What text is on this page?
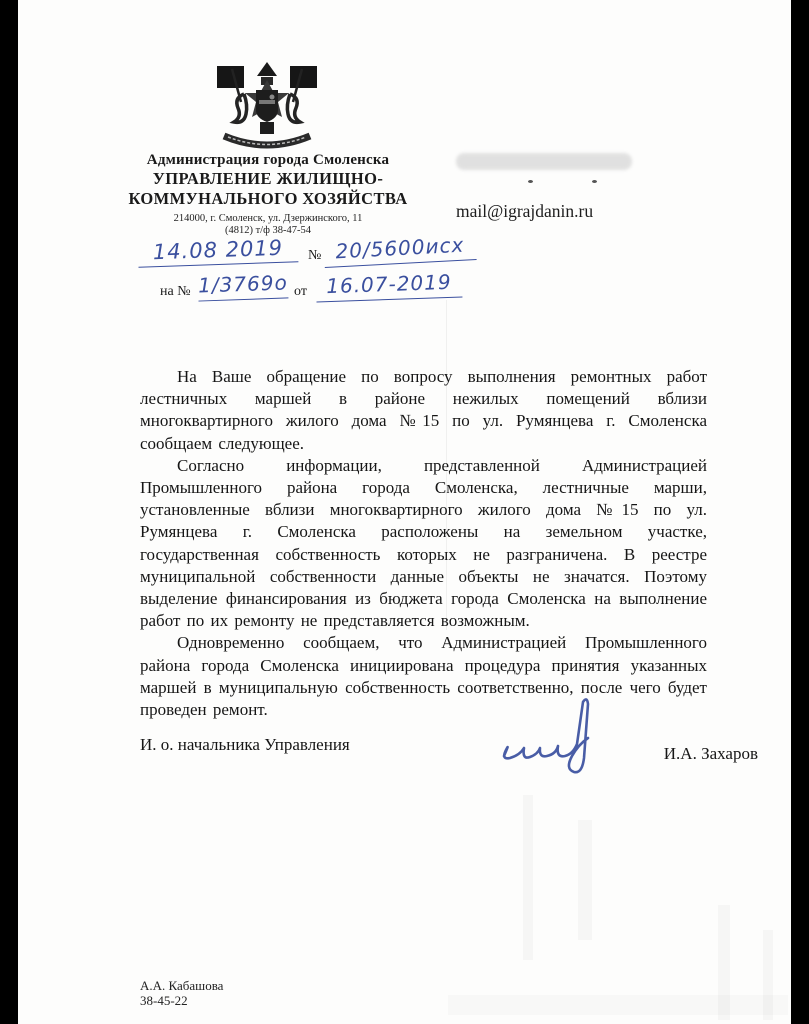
Администрация города Смоленска
УПРАВЛЕНИЕ ЖИЛИЩНО-
КОММУНАЛЬНОГО ХОЗЯЙСТВА
214000, г. Смоленск, ул. Дзержинского, 11
(4812) т/ф 38-47-54
14.08 2019	№ 20/5600исх
на № 1/3769о от 16.07-2019
mail@igrajdanin.ru

На Ваше обращение по вопросу выполнения ремонтных работ лестничных маршей в районе нежилых помещений вблизи многоквартирного жилого дома №15 по ул. Румянцева г. Смоленска сообщаем следующее.

Согласно информации, представленной Администрацией Промышленного района города Смоленска, лестничные марши, установленные вблизи многоквартирного жилого дома №15 по ул. Румянцева г. Смоленска расположены на земельном участке, государственная собственность которых не разграничена. В реестре муниципальной собственности данные объекты не значатся. Поэтому выделение финансирования из бюджета города Смоленска на выполнение работ по их ремонту не представляется возможным.

Одновременно сообщаем, что Администрацией Промышленного района города Смоленска инициирована процедура принятия указанных маршей в муниципальную собственность соответственно, после чего будет проведен ремонт.

И. о. начальника Управления	И.А. Захаров
А.А. Кабашова
38-45-22
